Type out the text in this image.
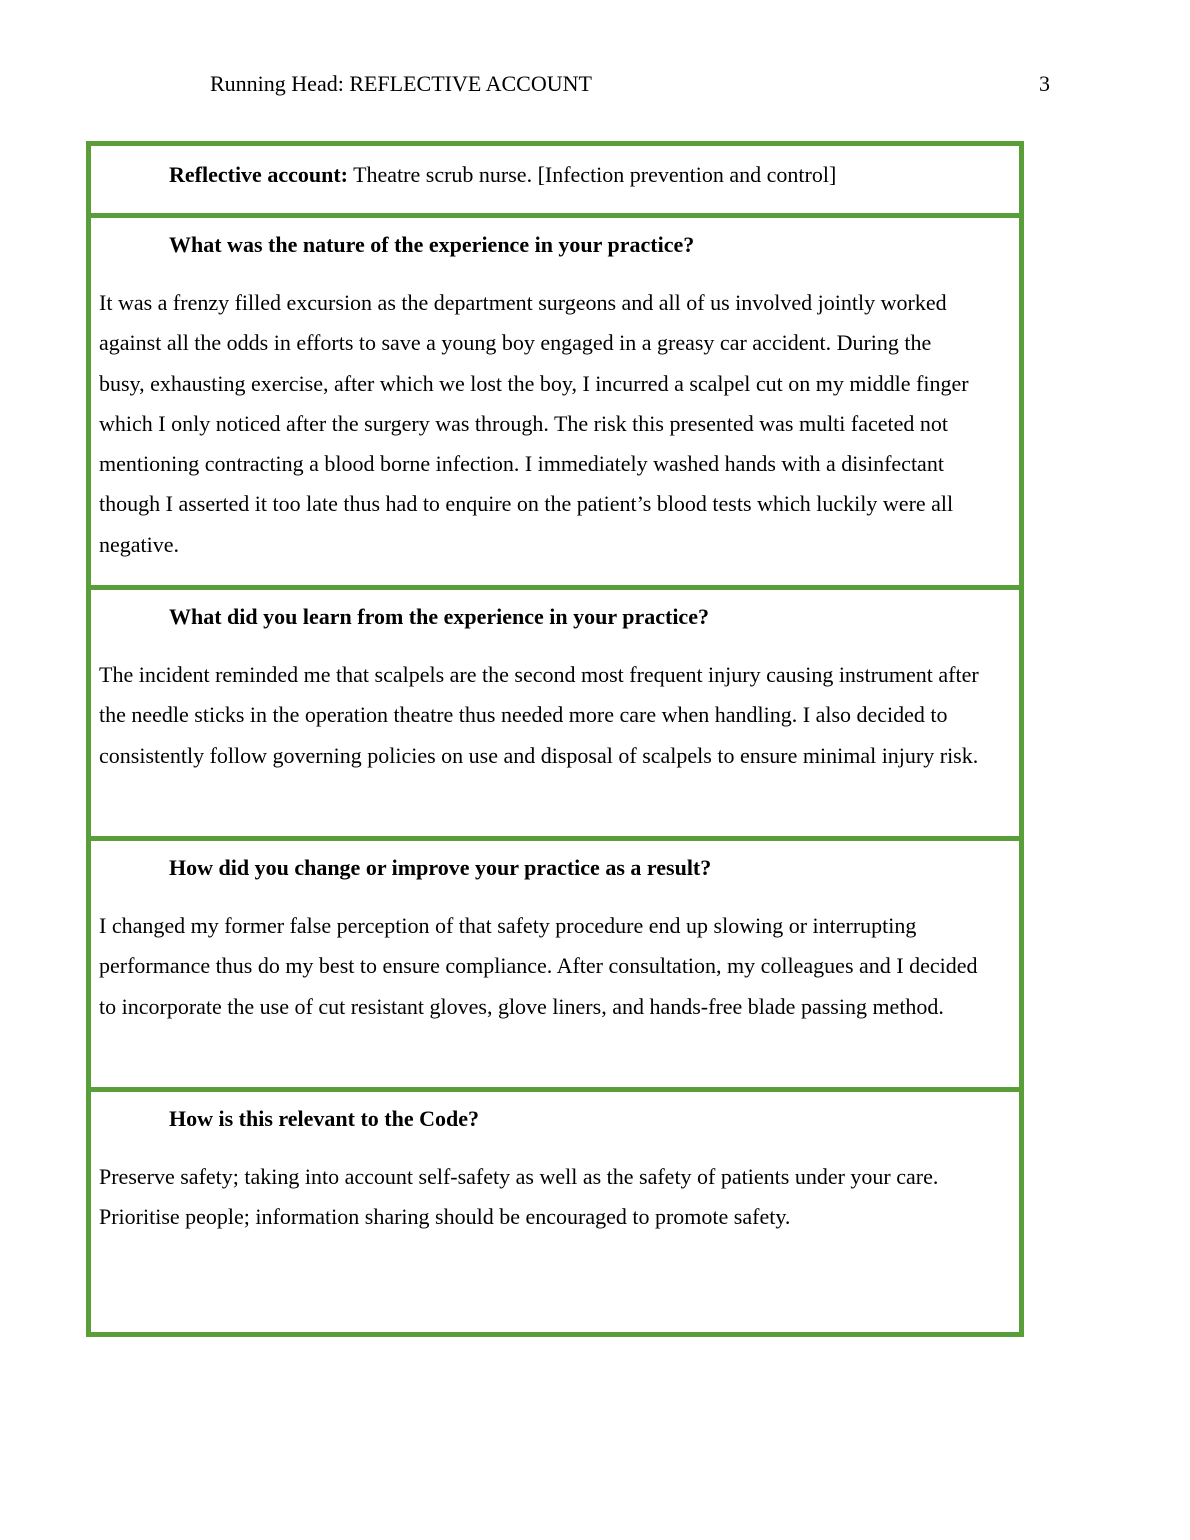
Running Head: REFLECTIVE ACCOUNT	3
Reflective account: Theatre scrub nurse. [Infection prevention and control]
What was the nature of the experience in your practice?

It was a frenzy filled excursion as the department surgeons and all of us involved jointly worked against all the odds in efforts to save a young boy engaged in a greasy car accident. During the busy, exhausting exercise, after which we lost the boy, I incurred a scalpel cut on my middle finger which I only noticed after the surgery was through. The risk this presented was multi faceted not mentioning contracting a blood borne infection. I immediately washed hands with a disinfectant though I asserted it too late thus had to enquire on the patient’s blood tests which luckily were all negative.

What did you learn from the experience in your practice?

The incident reminded me that scalpels are the second most frequent injury causing instrument after the needle sticks in the operation theatre thus needed more care when handling. I also decided to consistently follow governing policies on use and disposal of scalpels to ensure minimal injury risk.

How did you change or improve your practice as a result?

I changed my former false perception of that safety procedure end up slowing or interrupting performance thus do my best to ensure compliance. After consultation, my colleagues and I decided to incorporate the use of cut resistant gloves, glove liners, and hands-free blade passing method.

How is this relevant to the Code?

Preserve safety; taking into account self-safety as well as the safety of patients under your care.

Prioritise people; information sharing should be encouraged to promote safety.
